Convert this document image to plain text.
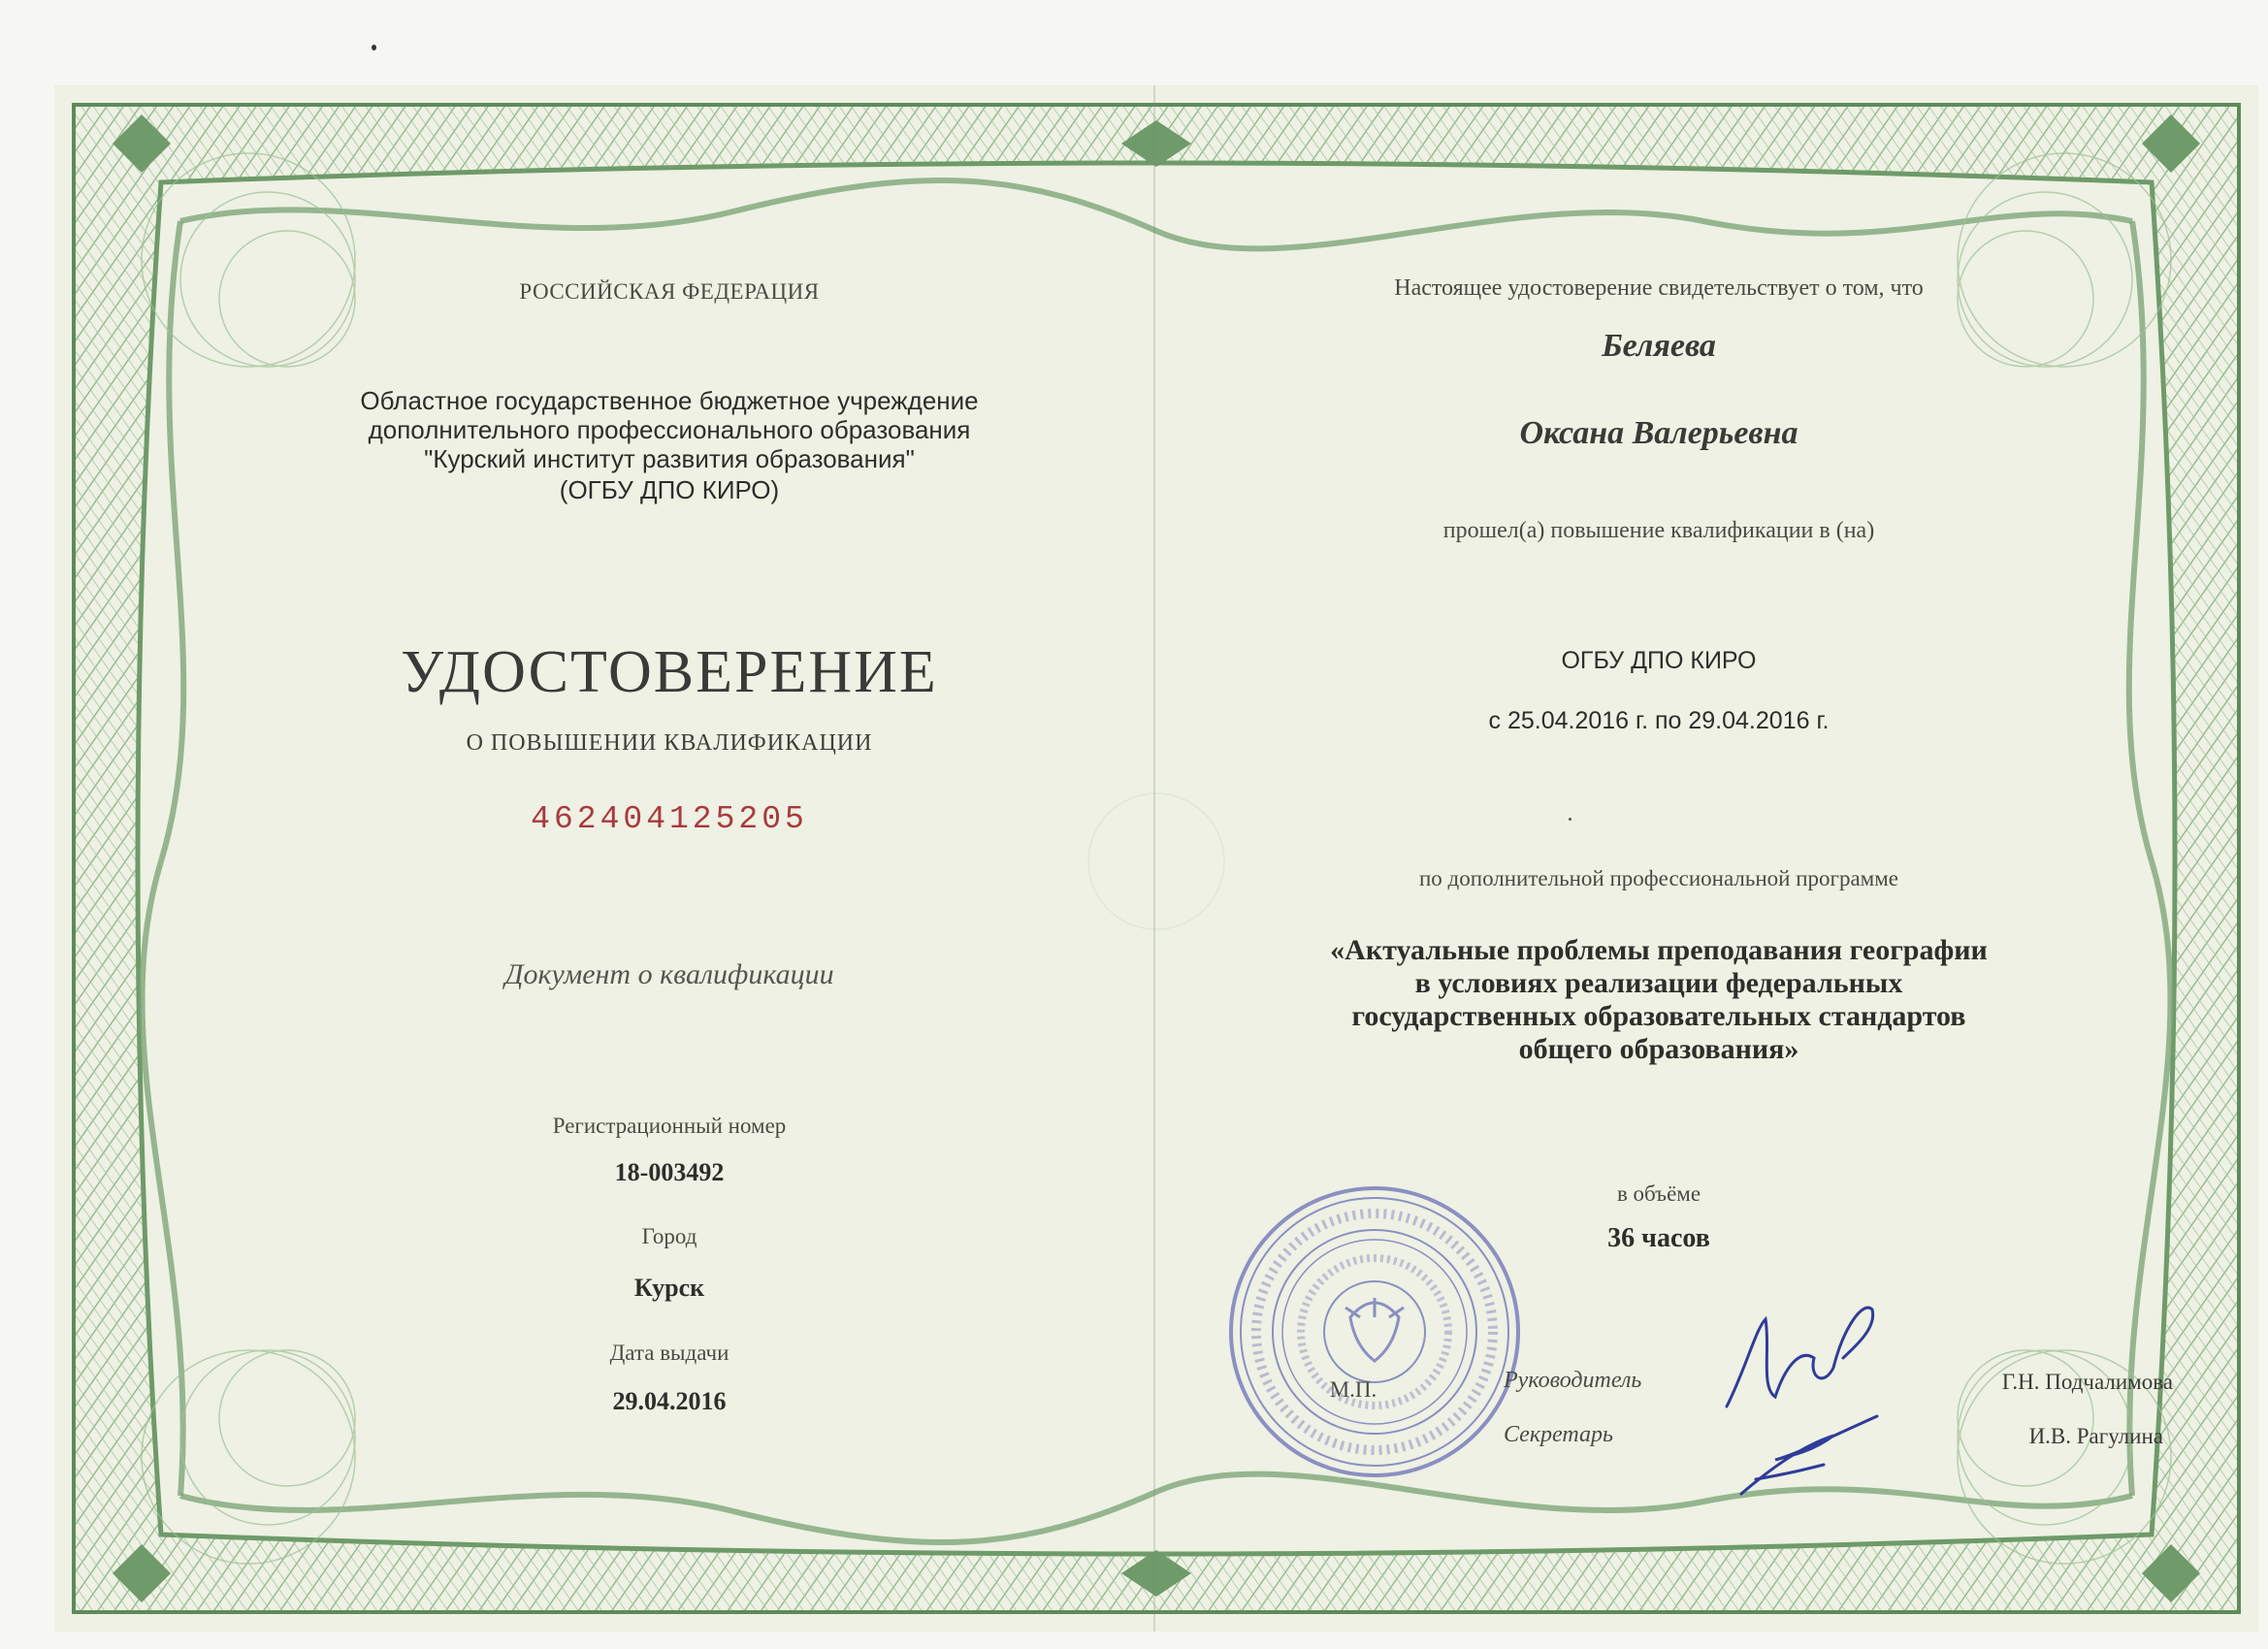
РОССИЙСКАЯ ФЕДЕРАЦИЯ
Областное государственное бюджетное учреждение
дополнительного профессионального образования
"Курский институт развития образования"
(ОГБУ ДПО КИРО)
УДОСТОВЕРЕНИЕ
О ПОВЫШЕНИИ КВАЛИФИКАЦИИ
462404125205
Документ о квалификации
Регистрационный номер
18-003492
Город
Курск
Дата выдачи
29.04.2016
Настоящее удостоверение свидетельствует о том, что
Беляева
Оксана Валерьевна
прошел(а) повышение квалификации в (на)
ОГБУ ДПО КИРО
с 25.04.2016 г. по 29.04.2016 г.
по дополнительной профессиональной программе
«Актуальные проблемы преподавания географии
в условиях реализации федеральных
государственных образовательных стандартов
общего образования»
в объёме
36 часов
М.П.	Руководитель	Г.Н. Подчалимова
Секретарь	И.В. Рагулина
